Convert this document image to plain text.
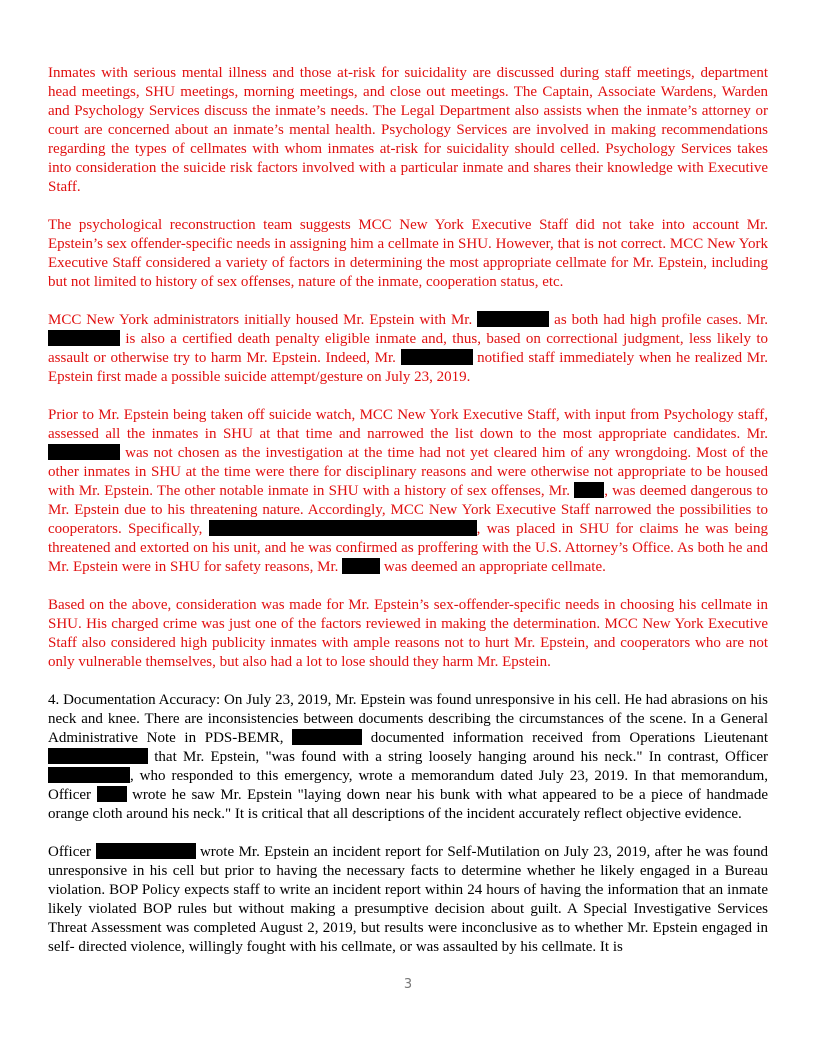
Inmates with serious mental illness and those at-risk for suicidality are discussed during staff meetings, department head meetings, SHU meetings, morning meetings, and close out meetings. The Captain, Associate Wardens, Warden and Psychology Services discuss the inmate’s needs. The Legal Department also assists when the inmate’s attorney or court are concerned about an inmate’s mental health. Psychology Services are involved in making recommendations regarding the types of cellmates with whom inmates at-risk for suicidality should celled. Psychology Services takes into consideration the suicide risk factors involved with a particular inmate and shares their knowledge with Executive Staff.

The psychological reconstruction team suggests MCC New York Executive Staff did not take into account Mr. Epstein’s sex offender-specific needs in assigning him a cellmate in SHU. However, that is not correct. MCC New York Executive Staff considered a variety of factors in determining the most appropriate cellmate for Mr. Epstein, including but not limited to history of sex offenses, nature of the inmate, cooperation status, etc.

MCC New York administrators initially housed Mr. Epstein with Mr.	as both had high profile cases. Mr.  is also a certified death penalty eligible inmate and, thus, based on correctional judgment, less likely to assault or otherwise try to harm Mr. Epstein. Indeed, Mr.	notified staff immediately when he realized Mr. Epstein first made a possible suicide attempt/gesture on July 23, 2019.

Prior to Mr. Epstein being taken off suicide watch, MCC New York Executive Staff, with input from Psychology staff, assessed all the inmates in SHU at that time and narrowed the list down to the most appropriate candidates. Mr.  was not chosen as the investigation at the time had not yet cleared him of any wrongdoing. Most of the other inmates in SHU at the time were there for disciplinary reasons and were otherwise not appropriate to be housed with Mr. Epstein. The other notable inmate in SHU with a history of sex offenses, Mr. , was deemed dangerous to Mr. Epstein due to his threatening nature. Accordingly, MCC New York Executive Staff narrowed the possibilities to cooperators. Specifically,	, was placed in SHU for claims he was being threatened and extorted on his unit, and he was confirmed as proffering with the U.S. Attorney’s Office. As both he and Mr. Epstein were in SHU for safety reasons, Mr.	was deemed an appropriate cellmate.

Based on the above, consideration was made for Mr. Epstein’s sex-offender-specific needs in choosing his cellmate in SHU. His charged crime was just one of the factors reviewed in making the determination. MCC New York Executive Staff also considered high publicity inmates with ample reasons not to hurt Mr. Epstein, and cooperators who are not only vulnerable themselves, but also had a lot to lose should they harm Mr. Epstein.

4. Documentation Accuracy: On July 23, 2019, Mr. Epstein was found unresponsive in his cell. He had abrasions on his neck and knee. There are inconsistencies between documents describing the circumstances of the scene. In a General Administrative Note in PDS-BEMR,	documented information received from Operations Lieutenant  that Mr. Epstein, "was found with a string loosely hanging around his neck." In contrast, Officer , who responded to this emergency, wrote a memorandum dated July 23, 2019. In that memorandum, Officer	wrote he saw Mr. Epstein "laying down near his bunk with what appeared to be a piece of handmade orange cloth around his neck." It is critical that all descriptions of the incident accurately reflect objective evidence.

Officer	wrote Mr. Epstein an incident report for Self-Mutilation on July 23, 2019, after he was found unresponsive in his cell but prior to having the necessary facts to determine whether he likely engaged in a Bureau violation. BOP Policy expects staff to write an incident report within 24 hours of having the information that an inmate likely violated BOP rules but without making a presumptive decision about guilt. A Special Investigative Services Threat Assessment was completed August 2, 2019, but results were inconclusive as to whether Mr. Epstein engaged in self- directed violence, willingly fought with his cellmate, or was assaulted by his cellmate. It is

3
